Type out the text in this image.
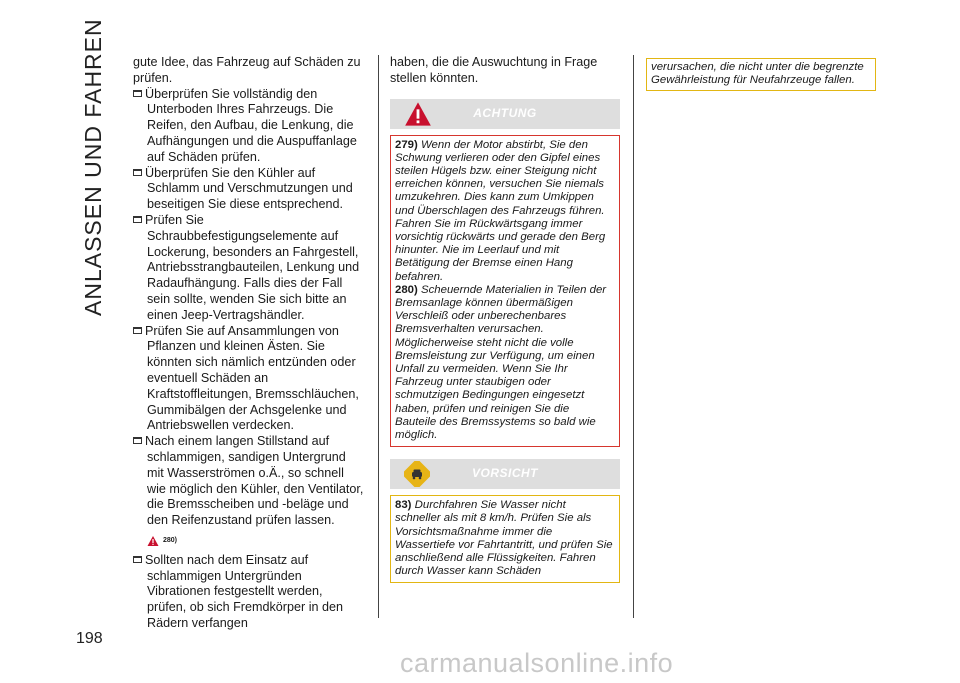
ANLASSEN UND FAHREN
198

gute Idee, das Fahrzeug auf Schäden zu prüfen.

Überprüfen Sie vollständig den Unterboden Ihres Fahrzeugs. Die Reifen, den Aufbau, die Lenkung, die Aufhängungen und die Auspuffanlage auf Schäden prüfen.

Überprüfen Sie den Kühler auf Schlamm und Verschmutzungen und beseitigen Sie diese entsprechend.

Prüfen Sie Schraubbefestigungselemente auf Lockerung, besonders an Fahrgestell, Antriebsstrangbauteilen, Lenkung und Radaufhängung. Falls dies der Fall sein sollte, wenden Sie sich bitte an einen Jeep-Vertragshändler.

Prüfen Sie auf Ansammlungen von Pflanzen und kleinen Ästen. Sie könnten sich nämlich entzünden oder eventuell Schäden an Kraftstoffleitungen, Bremsschläuchen, Gummibälgen der Achsgelenke und Antriebswellen verdecken.

Nach einem langen Stillstand auf schlammigen, sandigen Untergrund mit Wasserströmen o.Ä., so schnell wie möglich den Kühler, den Ventilator, die Bremsscheiben und -beläge und den Reifenzustand prüfen lassen.

280)

Sollten nach dem Einsatz auf schlammigen Untergründen Vibrationen festgestellt werden, prüfen, ob sich Fremdkörper in den Rädern verfangen

haben, die die Auswuchtung in Frage stellen könnten.

ACHTUNG

279) Wenn der Motor abstirbt, Sie den Schwung verlieren oder den Gipfel eines steilen Hügels bzw. einer Steigung nicht erreichen können, versuchen Sie niemals umzukehren. Dies kann zum Umkippen und Überschlagen des Fahrzeugs führen. Fahren Sie im Rückwärtsgang immer vorsichtig rückwärts und gerade den Berg hinunter. Nie im Leerlauf und mit Betätigung der Bremse einen Hang befahren.

280) Scheuernde Materialien in Teilen der Bremsanlage können übermäßigen Verschleiß oder unberechenbares Bremsverhalten verursachen. Möglicherweise steht nicht die volle Bremsleistung zur Verfügung, um einen Unfall zu vermeiden. Wenn Sie Ihr Fahrzeug unter staubigen oder schmutzigen Bedingungen eingesetzt haben, prüfen und reinigen Sie die Bauteile des Bremssystems so bald wie möglich.

VORSICHT

83) Durchfahren Sie Wasser nicht schneller als mit 8 km/h. Prüfen Sie als Vorsichtsmaßnahme immer die Wassertiefe vor Fahrtantritt, und prüfen Sie anschließend alle Flüssigkeiten. Fahren durch Wasser kann Schäden

verursachen, die nicht unter die begrenzte Gewährleistung für Neufahrzeuge fallen.
carmanualsonline.info
